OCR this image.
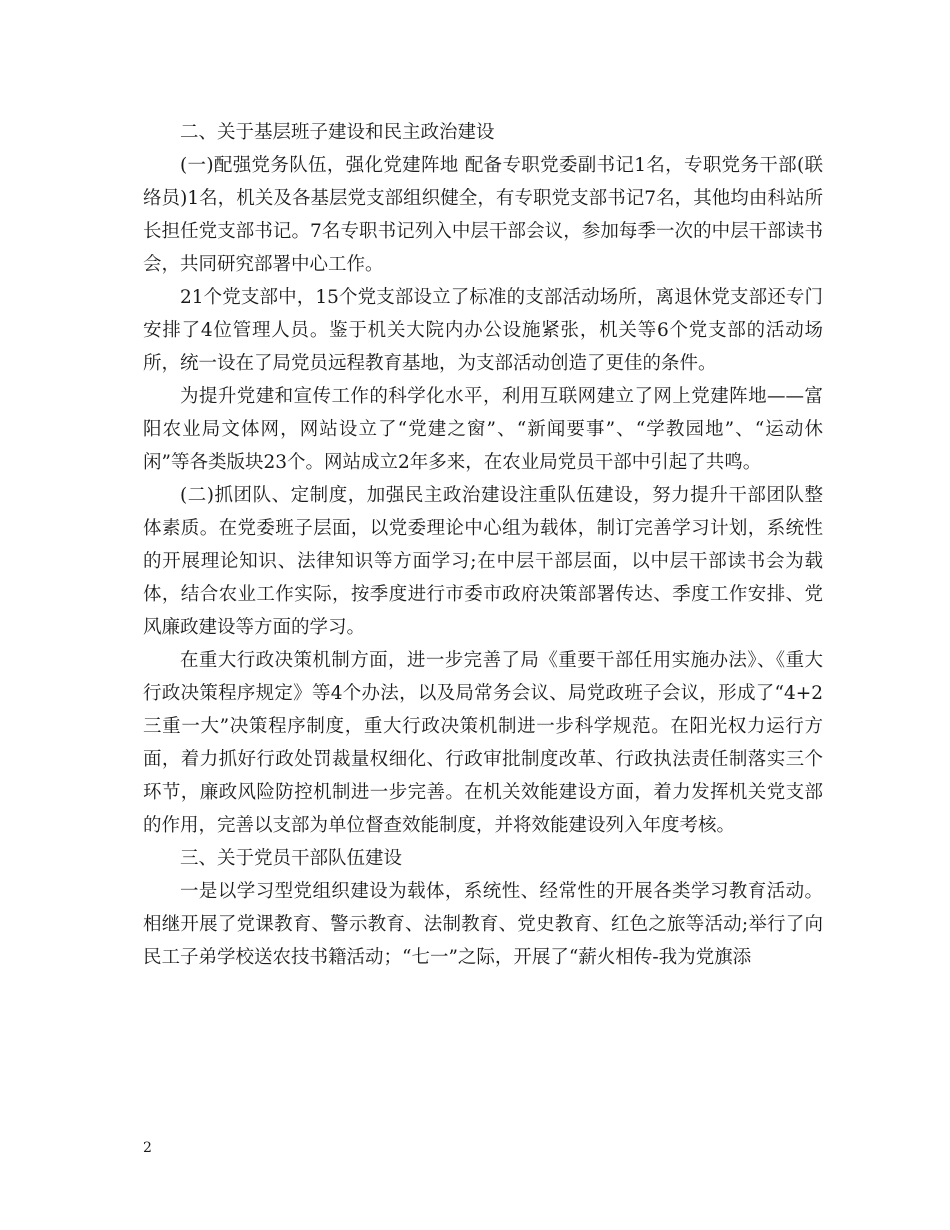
二、关于基层班子建设和民主政治建设

(一)配强党务队伍，强化党建阵地 配备专职党委副书记1名，专职党务干部(联络员)1名，机关及各基层党支部组织健全，有专职党支部书记7名，其他均由科站所长担任党支部书记。7名专职书记列入中层干部会议，参加每季一次的中层干部读书会，共同研究部署中心工作。

21个党支部中，15个党支部设立了标准的支部活动场所，离退休党支部还专门安排了4位管理人员。鉴于机关大院内办公设施紧张，机关等6个党支部的活动场所，统一设在了局党员远程教育基地，为支部活动创造了更佳的条件。

为提升党建和宣传工作的科学化水平，利用互联网建立了网上党建阵地——富阳农业局文体网，网站设立了“党建之窗”、“新闻要事”、“学教园地”、“运动休闲”等各类版块23个。网站成立2年多来，在农业局党员干部中引起了共鸣。

(二)抓团队、定制度，加强民主政治建设注重队伍建设，努力提升干部团队整体素质。在党委班子层面，以党委理论中心组为载体，制订完善学习计划，系统性的开展理论知识、法律知识等方面学习;在中层干部层面，以中层干部读书会为载体，结合农业工作实际，按季度进行市委市政府决策部署传达、季度工作安排、党风廉政建设等方面的学习。

在重大行政决策机制方面，进一步完善了局《重要干部任用实施办法》、《重大行政决策程序规定》等4个办法，以及局常务会议、局党政班子会议，形成了“4+2三重一大”决策程序制度，重大行政决策机制进一步科学规范。在阳光权力运行方面，着力抓好行政处罚裁量权细化、行政审批制度改革、行政执法责任制落实三个环节，廉政风险防控机制进一步完善。在机关效能建设方面，着力发挥机关党支部的作用，完善以支部为单位督查效能制度，并将效能建设列入年度考核。

三、关于党员干部队伍建设

一是以学习型党组织建设为载体，系统性、经常性的开展各类学习教育活动。相继开展了党课教育、警示教育、法制教育、党史教育、红色之旅等活动;举行了向民工子弟学校送农技书籍活动；“七一”之际，开展了“薪火相传-我为党旗添

2
